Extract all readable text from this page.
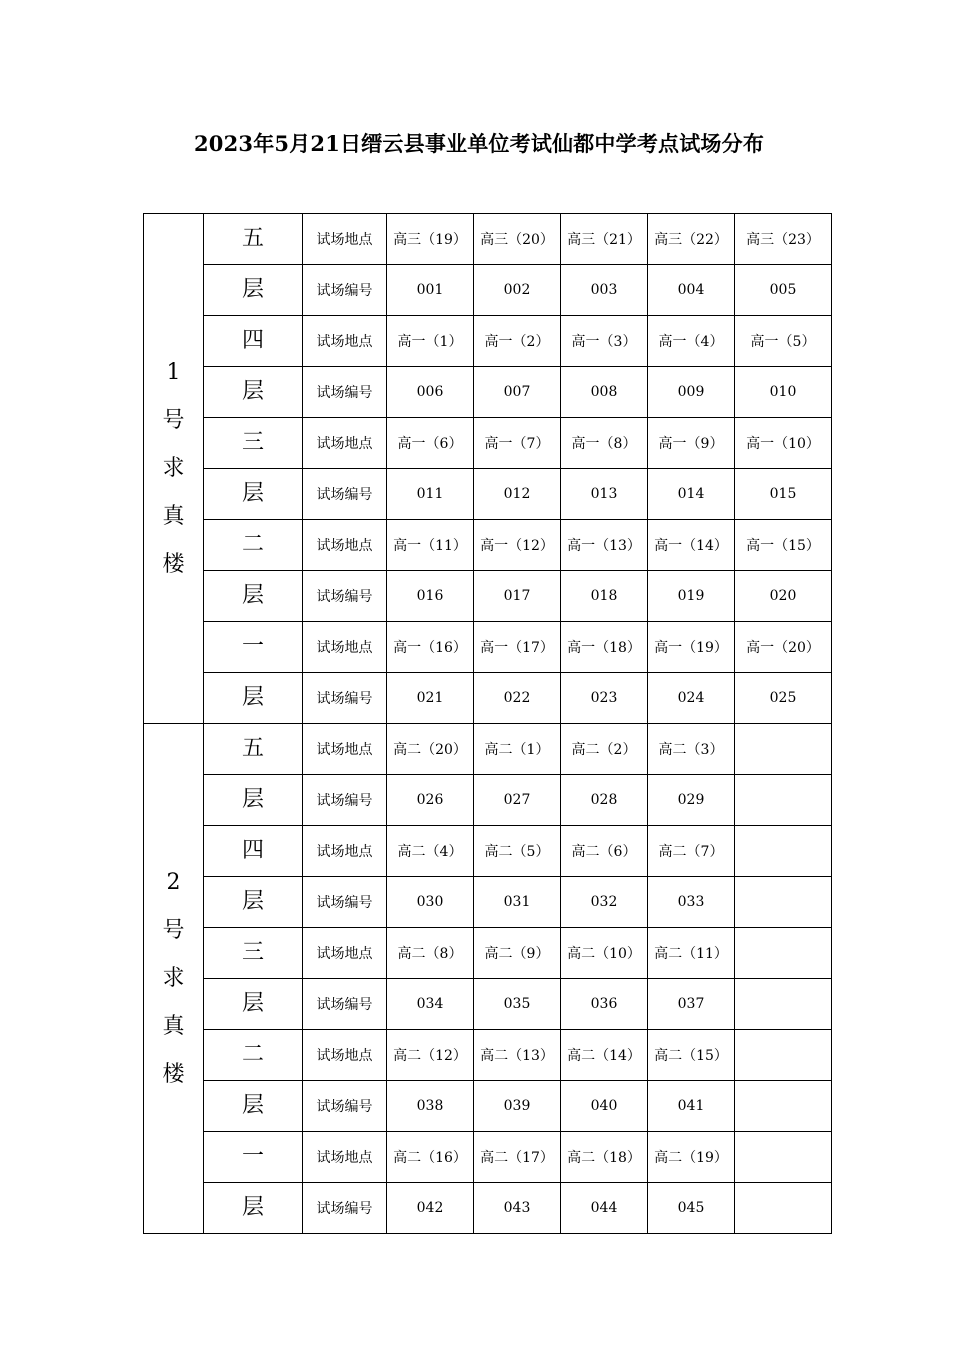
2023年5月21日缙云县事业单位考试仙都中学考点试场分布
1
号
求
真
楼	五	试场地点	高三（19）	高三（20）	高三（21）	高三（22）	高三（23）
	层	试场编号	001	002	003	004	005
	四	试场地点	高一（1）	高一（2）	高一（3）	高一（4）	高一（5）
	层	试场编号	006	007	008	009	010
	三	试场地点	高一（6）	高一（7）	高一（8）	高一（9）	高一（10）
	层	试场编号	011	012	013	014	015
	二	试场地点	高一（11）	高一（12）	高一（13）	高一（14）	高一（15）
	层	试场编号	016	017	018	019	020
	一	试场地点	高一（16）	高一（17）	高一（18）	高一（19）	高一（20）
	层	试场编号	021	022	023	024	025

2
号
求
真
楼	五	试场地点	高二（20）	高二（1）	高二（2）	高二（3）	
	层	试场编号	026	027	028	029	
	四	试场地点	高二（4）	高二（5）	高二（6）	高二（7）	
	层	试场编号	030	031	032	033	
	三	试场地点	高二（8）	高二（9）	高二（10）	高二（11）	
	层	试场编号	034	035	036	037	
	二	试场地点	高二（12）	高二（13）	高二（14）	高二（15）	
	层	试场编号	038	039	040	041	
	一	试场地点	高二（16）	高二（17）	高二（18）	高二（19）	
	层	试场编号	042	043	044	045	
